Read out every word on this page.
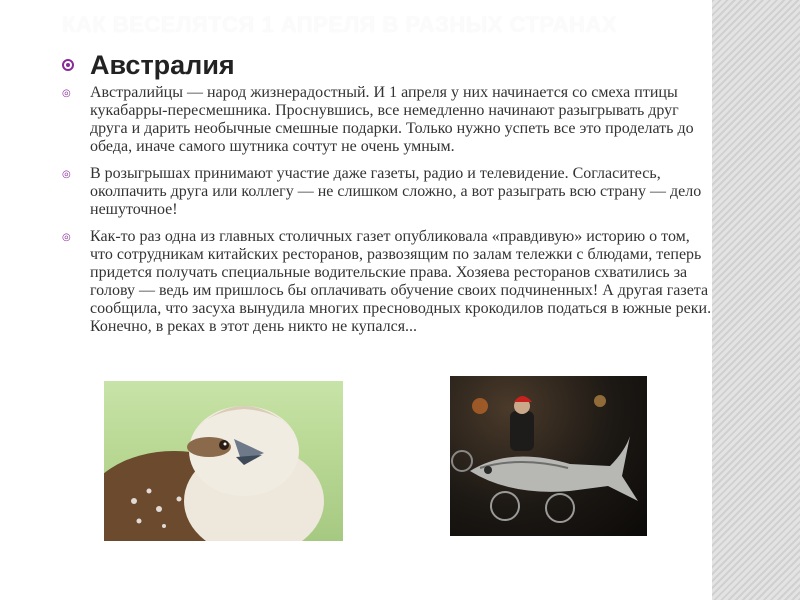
КАК ВЕСЕЛЯТСЯ 1 АПРЕЛЯ В РАЗНЫХ СТРАНАХ
Австралия
◎	Австралийцы — народ жизнерадостный. И 1 апреля у них начинается со смеха птицы кукабарры-пересмешника. Проснувшись, все немедленно начинают разыгрывать друг друга и дарить необычные смешные подарки. Только нужно успеть все это проделать до обеда, иначе самого шутника сочтут не очень умным.
◎	В розыгрышах принимают участие даже газеты, радио и телевидение. Согласитесь, околпачить друга или коллегу — не слишком сложно, а вот разыграть всю страну — дело нешуточное!
◎	Как-то раз одна из главных столичных газет опубликовала «правдивую» историю о том, что сотрудникам китайских ресторанов, развозящим по залам тележки с блюдами, теперь придется получать специальные водительские права. Хозяева ресторанов схватились за голову — ведь им пришлось бы оплачивать обучение своих подчиненных! А другая газета сообщила, что засуха вынудила многих пресноводных крокодилов податься в южные реки. Конечно, в реках в этот день никто не купался...
